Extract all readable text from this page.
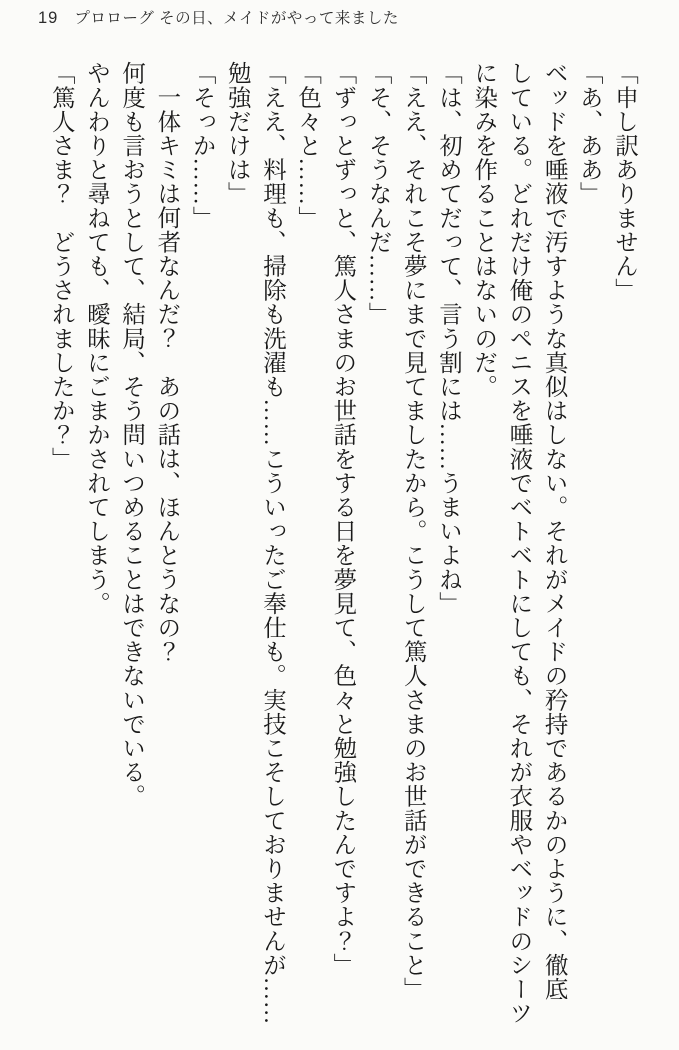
19 プロローグ その日、メイドがやって来ました
「申し訳ありません」
「あ、ああ」
ベッドを唾液で汚すような真似はしない。それがメイドの矜持であるかのように、徹底
している。どれだけ俺のペニスを唾液でベトベトにしても、それが衣服やベッドのシーツ
に染みを作ることはないのだ。
「は、初めてだって、言う割には……うまいよね」
「ええ、それこそ夢にまで見てましたから。こうして篤人さまのお世話ができること」
「そ、そうなんだ……」
「ずっとずっと、篤人さまのお世話をする日を夢見て、色々と勉強したんですよ？」
「色々と……」
「ええ、料理も、掃除も洗濯も……こういったご奉仕も。実技こそしておりませんが……
勉強だけは」
「そっか……」
一体キミは何者なんだ？　あの話は、ほんとうなの？
何度も言おうとして、結局、そう問いつめることはできないでいる。
やんわりと尋ねても、曖昧にごまかされてしまう。
「篤人さま？　どうされましたか？」
